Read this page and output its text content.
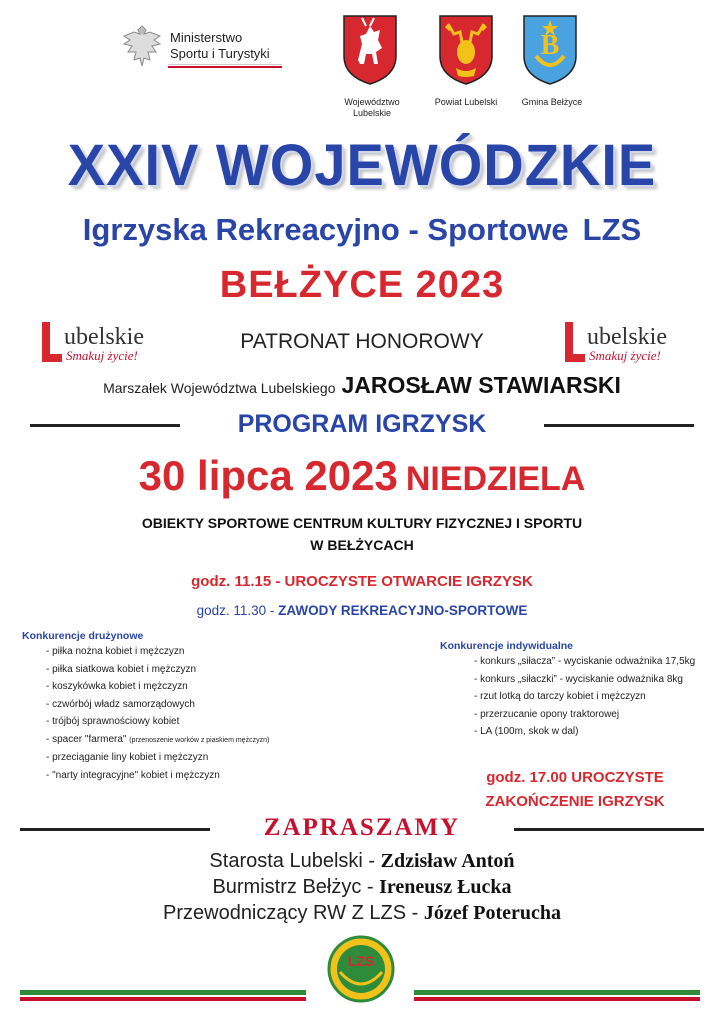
Ministerstwo
Sportu i Turystyki
Województwo
Lubelskie
Powiat Lubelski
B
Gmina Bełżyce
XXIV WOJEWÓDZKIE
Igrzyska Rekreacyjno - Sportowe LZS
BEŁŻYCE 2023
ubelskie
Smakuj życie!
ubelskie
Smakuj życie!
PATRONAT HONOROWY
Marszałek Województwa Lubelskiego JAROSŁAW STAWIARSKI
PROGRAM IGRZYSK
30 lipca 2023 NIEDZIELA
OBIEKTY SPORTOWE CENTRUM KULTURY FIZYCZNEJ I SPORTU
W BEŁŻYCACH
godz. 11.15 - UROCZYSTE OTWARCIE IGRZYSK
godz. 11.30 - ZAWODY REKREACYJNO-SPORTOWE
Konkurencje drużynowe
- piłka nożna kobiet i mężczyzn
- piłka siatkowa kobiet i mężczyzn
- koszykówka kobiet i mężczyzn
- czwórbój władz samorządowych
- trójbój sprawnościowy kobiet
- spacer "farmera" (przenoszenie worków z piaskiem mężczyzn)
- przeciąganie liny kobiet i mężczyzn
- "narty integracyjne" kobiet i mężczyzn
Konkurencje indywidualne
- konkurs „siłacza” - wyciskanie odważnika 17,5kg
- konkurs „siłaczki” - wyciskanie odważnika 8kg
- rzut lotką do tarczy kobiet i mężczyzn
- przerzucanie opony traktorowej
- LA (100m, skok w dal)
godz. 17.00 UROCZYSTE
ZAKOŃCZENIE IGRZYSK
ZAPRASZAMY
Starosta Lubelski - Zdzisław Antoń
Burmistrz Bełżyc - Ireneusz Łucka
Przewodniczący RW Z LZS - Józef Poterucha
LZS
